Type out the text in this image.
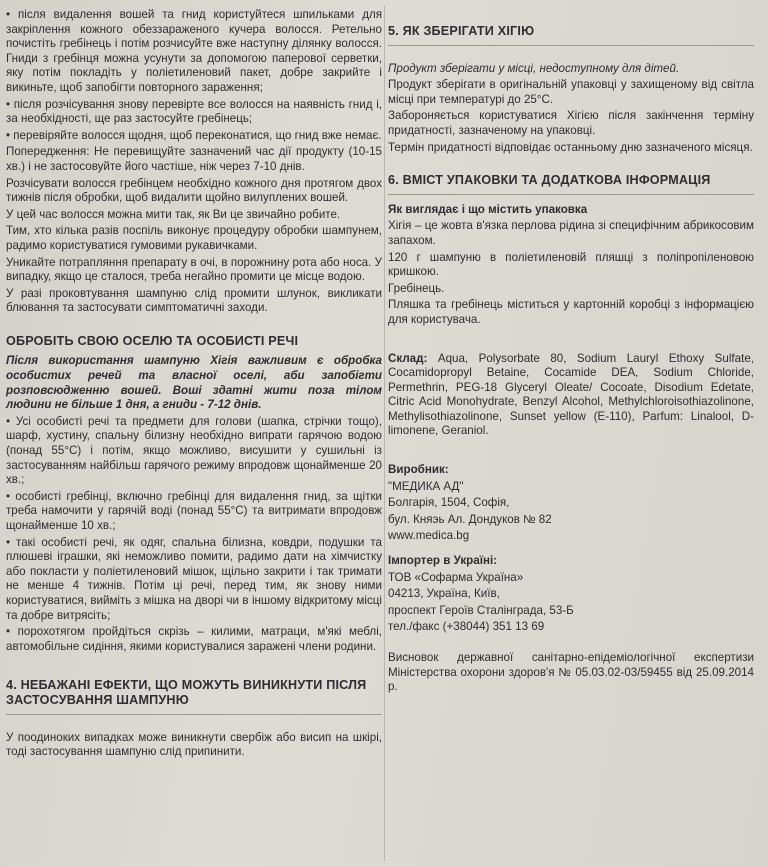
• після видалення вошей та гнид користуйтеся шпильками для закріплення кожного обеззараженого кучера волосся. Ретельно почистіть гребінець і потім розчисуйте вже наступну ділянку волосся. Гниди з гребінця можна усунути за допомогою паперової серветки, яку потім покладіть у поліетиленовий пакет, добре закрийте і викиньте, щоб запобігти повторного зараження;

• після розчісування знову перевірте все волосся на наявність гнид і, за необхідності, ще раз застосуйте гребінець;

• перевіряйте волосся щодня, щоб переконатися, що гнид вже немає.

Попередження: Не перевищуйте зазначений час дії продукту (10-15 хв.) і не застосовуйте його частіше, ніж через 7-10 днів.

Розчісувати волосся гребінцем необхідно кожного дня протягом двох тижнів після обробки, щоб видалити щойно вилуплених вошей.

У цей час волосся можна мити так, як Ви це звичайно робите.

Тим, хто кілька разів поспіль виконує процедуру обробки шампунем, радимо користуватися гумовими рукавичками.

Уникайте потрапляння препарату в очі, в порожнину рота або носа. У випадку, якщо це сталося, треба негайно промити це місце водою.

У разі проковтування шампуню слід промити шлунок, викликати блювання та застосувати симптоматичні заходи.

ОБРОБІТЬ СВОЮ ОСЕЛЮ ТА ОСОБИСТІ РЕЧІ

Після використання шампуню Хігія важливим є обробка особистих речей та власної оселі, аби запобігти розповсюдженню вошей. Воші здатні жити поза тілом людини не більше 1 дня, а гниди - 7-12 днів.

• Усі особисті речі та предмети для голови (шапка, стрічки тощо), шарф, хустину, спальну білизну необхідно випрати гарячою водою (понад 55°C) і потім, якщо можливо, висушити у сушильні із застосуванням найбільш гарячого режиму впродовж щонайменше 20 хв.;

• особисті гребінці, включно гребінці для видалення гнид, за щітки треба намочити у гарячій воді (понад 55°C) та витримати впродовж щонайменше 10 хв.;

• такі особисті речі, як одяг, спальна білизна, ковдри, подушки та плюшеві іграшки, які неможливо помити, радимо дати на хімчистку або покласти у поліетиленовий мішок, щільно закрити і так тримати не менше 4 тижнів. Потім ці речі, перед тим, як знову ними користуватися, вийміть з мішка на дворі чи в іншому відкритому місці та добре витрясіть;

• порохотягом пройдіться скрізь – килими, матраци, м'які меблі, автомобільне сидіння, якими користувалися заражені члени родини.

4. НЕБАЖАНІ ЕФЕКТИ, ЩО МОЖУТЬ ВИНИКНУТИ ПІСЛЯ ЗАСТОСУВАННЯ ШАМПУНЮ

У поодиноких випадках може виникнути свербіж або висип на шкірі, тоді застосування шампуню слід припинити.

5. ЯК ЗБЕРІГАТИ ХІГІЮ

Продукт зберігати у місці, недоступному для дітей.

Продукт зберігати в оригінальній упаковці у захищеному від світла місці при температурі до 25°C.

Забороняється користуватися Хігією після закінчення терміну придатності, зазначеному на упаковці.

Термін придатності відповідає останньому дню зазначеного місяця.

6. ВМІСТ УПАКОВКИ ТА ДОДАТКОВА ІНФОРМАЦІЯ

Як виглядає і що містить упаковка

Хігія – це жовта в'язка перлова рідина зі специфічним абрикосовим запахом.

120 г шампуню в поліетиленовій пляшці з поліпропіленовою кришкою.

Гребінець.

Пляшка та гребінець міститься у картонній коробці з інформацією для користувача.

Склад: Aqua, Polysorbate 80, Sodium Lauryl Ethoxy Sulfate, Cocamidopropyl Betaine, Cocamide DEA, Sodium Chloride, Permethrin, PEG-18 Glyceryl Oleate/ Cocoate, Disodium Edetate, Citric Acid Monohydrate, Benzyl Alcohol, Methylchloroisothiazolinone, Methylisothiazolinone, Sunset yellow (E-110), Parfum: Linalool, D-limonene, Geraniol.

Виробник:

"МЕДИКА АД"

Болгарія, 1504, Софія,

бул. Княэь Ал. Дондуков № 82

www.medica.bg

Імпортер в Україні:

ТОВ «Софарма Україна»

04213, Україна, Київ,

проспект Героїв Сталінграда, 53-Б

тел./факс (+38044) 351 13 69

Висновок державної санітарно-епідеміологічної експертизи Міністерства охорони здоров'я № 05.03.02-03/59455 від 25.09.2014 р.
